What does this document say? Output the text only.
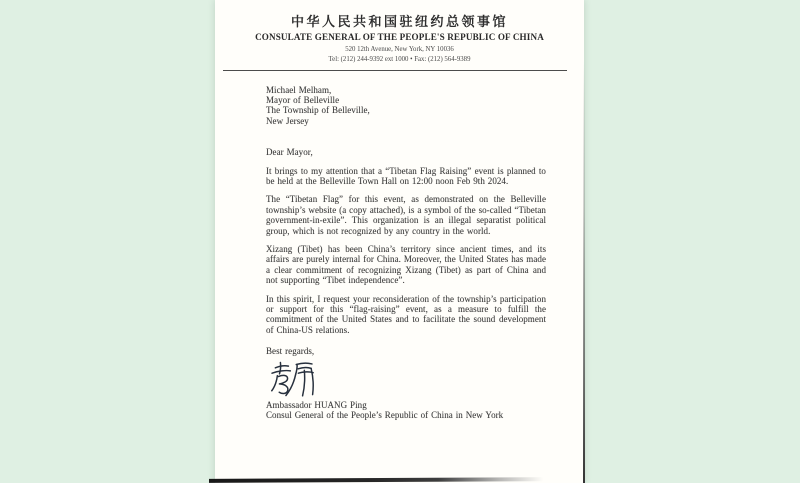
中华人民共和国驻纽约总领事馆
CONSULATE GENERAL OF THE PEOPLE'S REPUBLIC OF CHINA
520 12th Avenue, New York, NY 10036
Tel: (212) 244-9392 ext 1000 • Fax: (212) 564-9389
Michael Melham,
Mayor of Belleville
The Township of Belleville,
New Jersey
Dear Mayor,

It brings to my attention that a “Tibetan Flag Raising” event is planned to be held at the Belleville Town Hall on 12:00 noon Feb 9th 2024.

The “Tibetan Flag” for this event, as demonstrated on the Belleville township’s website (a copy attached), is a symbol of the so-called “Tibetan government-in-exile”. This organization is an illegal separatist political group, which is not recognized by any country in the world.

Xizang (Tibet) has been China’s territory since ancient times, and its affairs are purely internal for China. Moreover, the United States has made a clear commitment of recognizing Xizang (Tibet) as part of China and not supporting “Tibet independence”.

In this spirit, I request your reconsideration of the township’s participation or support for this “flag-raising” event, as a measure to fulfill the commitment of the United States and to facilitate the sound development of China-US relations.

Best regards,
Ambassador HUANG Ping
Consul General of the People’s Republic of China in New York
